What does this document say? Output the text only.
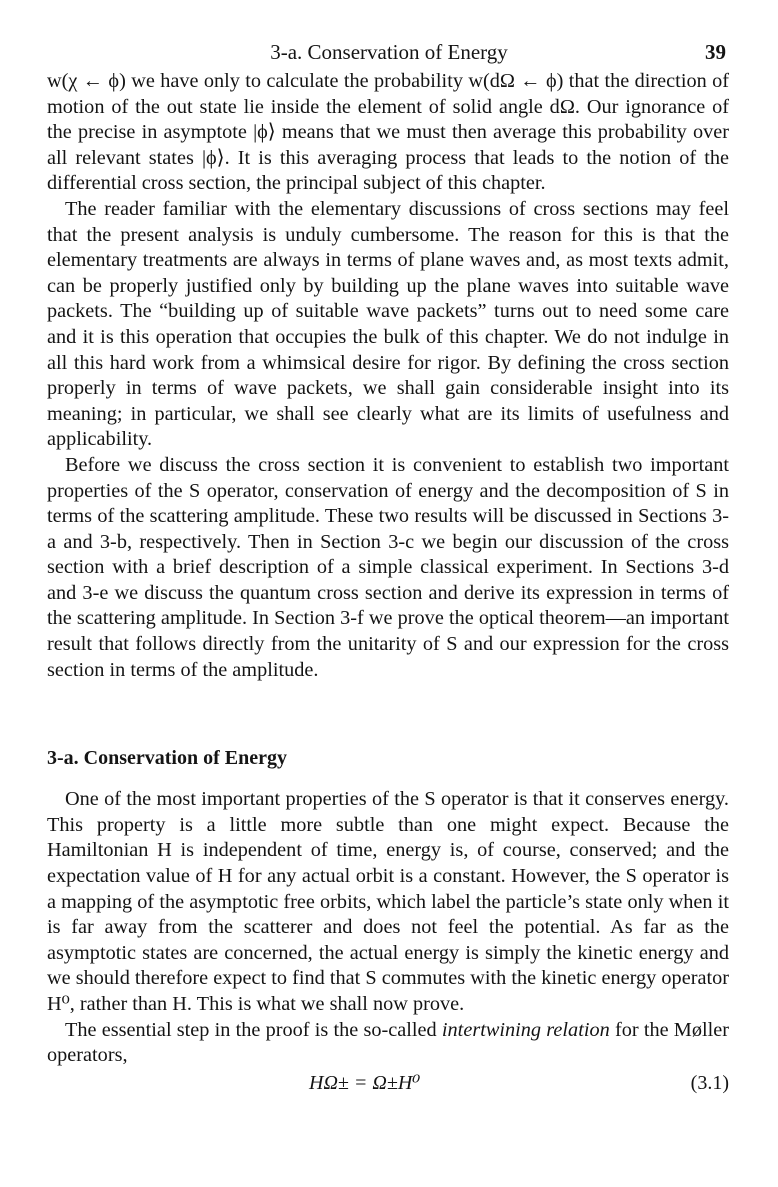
3-a. Conservation of Energy	39

w(χ ← ϕ) we have only to calculate the probability w(dΩ ← ϕ) that the direction of motion of the out state lie inside the element of solid angle dΩ. Our ignorance of the precise in asymptote |ϕ⟩ means that we must then average this probability over all relevant states |ϕ⟩. It is this averaging process that leads to the notion of the differential cross section, the principal subject of this chapter.

The reader familiar with the elementary discussions of cross sections may feel that the present analysis is unduly cumbersome. The reason for this is that the elementary treatments are always in terms of plane waves and, as most texts admit, can be properly justified only by building up the plane waves into suitable wave packets. The “building up of suitable wave packets” turns out to need some care and it is this operation that occupies the bulk of this chapter. We do not indulge in all this hard work from a whimsical desire for rigor. By defining the cross section properly in terms of wave packets, we shall gain considerable insight into its meaning; in particular, we shall see clearly what are its limits of usefulness and applicability.

Before we discuss the cross section it is convenient to establish two important properties of the S operator, conservation of energy and the decomposition of S in terms of the scattering amplitude. These two results will be discussed in Sections 3-a and 3-b, respectively. Then in Section 3-c we begin our discussion of the cross section with a brief description of a simple classical experiment. In Sections 3-d and 3-e we discuss the quantum cross section and derive its expression in terms of the scattering amplitude. In Section 3-f we prove the optical theorem—an important result that follows directly from the unitarity of S and our expression for the cross section in terms of the amplitude.

3-a. Conservation of Energy

One of the most important properties of the S operator is that it conserves energy. This property is a little more subtle than one might expect. Because the Hamiltonian H is independent of time, energy is, of course, conserved; and the expectation value of H for any actual orbit is a constant. However, the S operator is a mapping of the asymptotic free orbits, which label the particle’s state only when it is far away from the scatterer and does not feel the potential. As far as the asymptotic states are concerned, the actual energy is simply the kinetic energy and we should therefore expect to find that S commutes with the kinetic energy operator H⁰, rather than H. This is what we shall now prove.

The essential step in the proof is the so-called intertwining relation for the Møller operators,

HΩ± = Ω±H⁰	(3.1)
